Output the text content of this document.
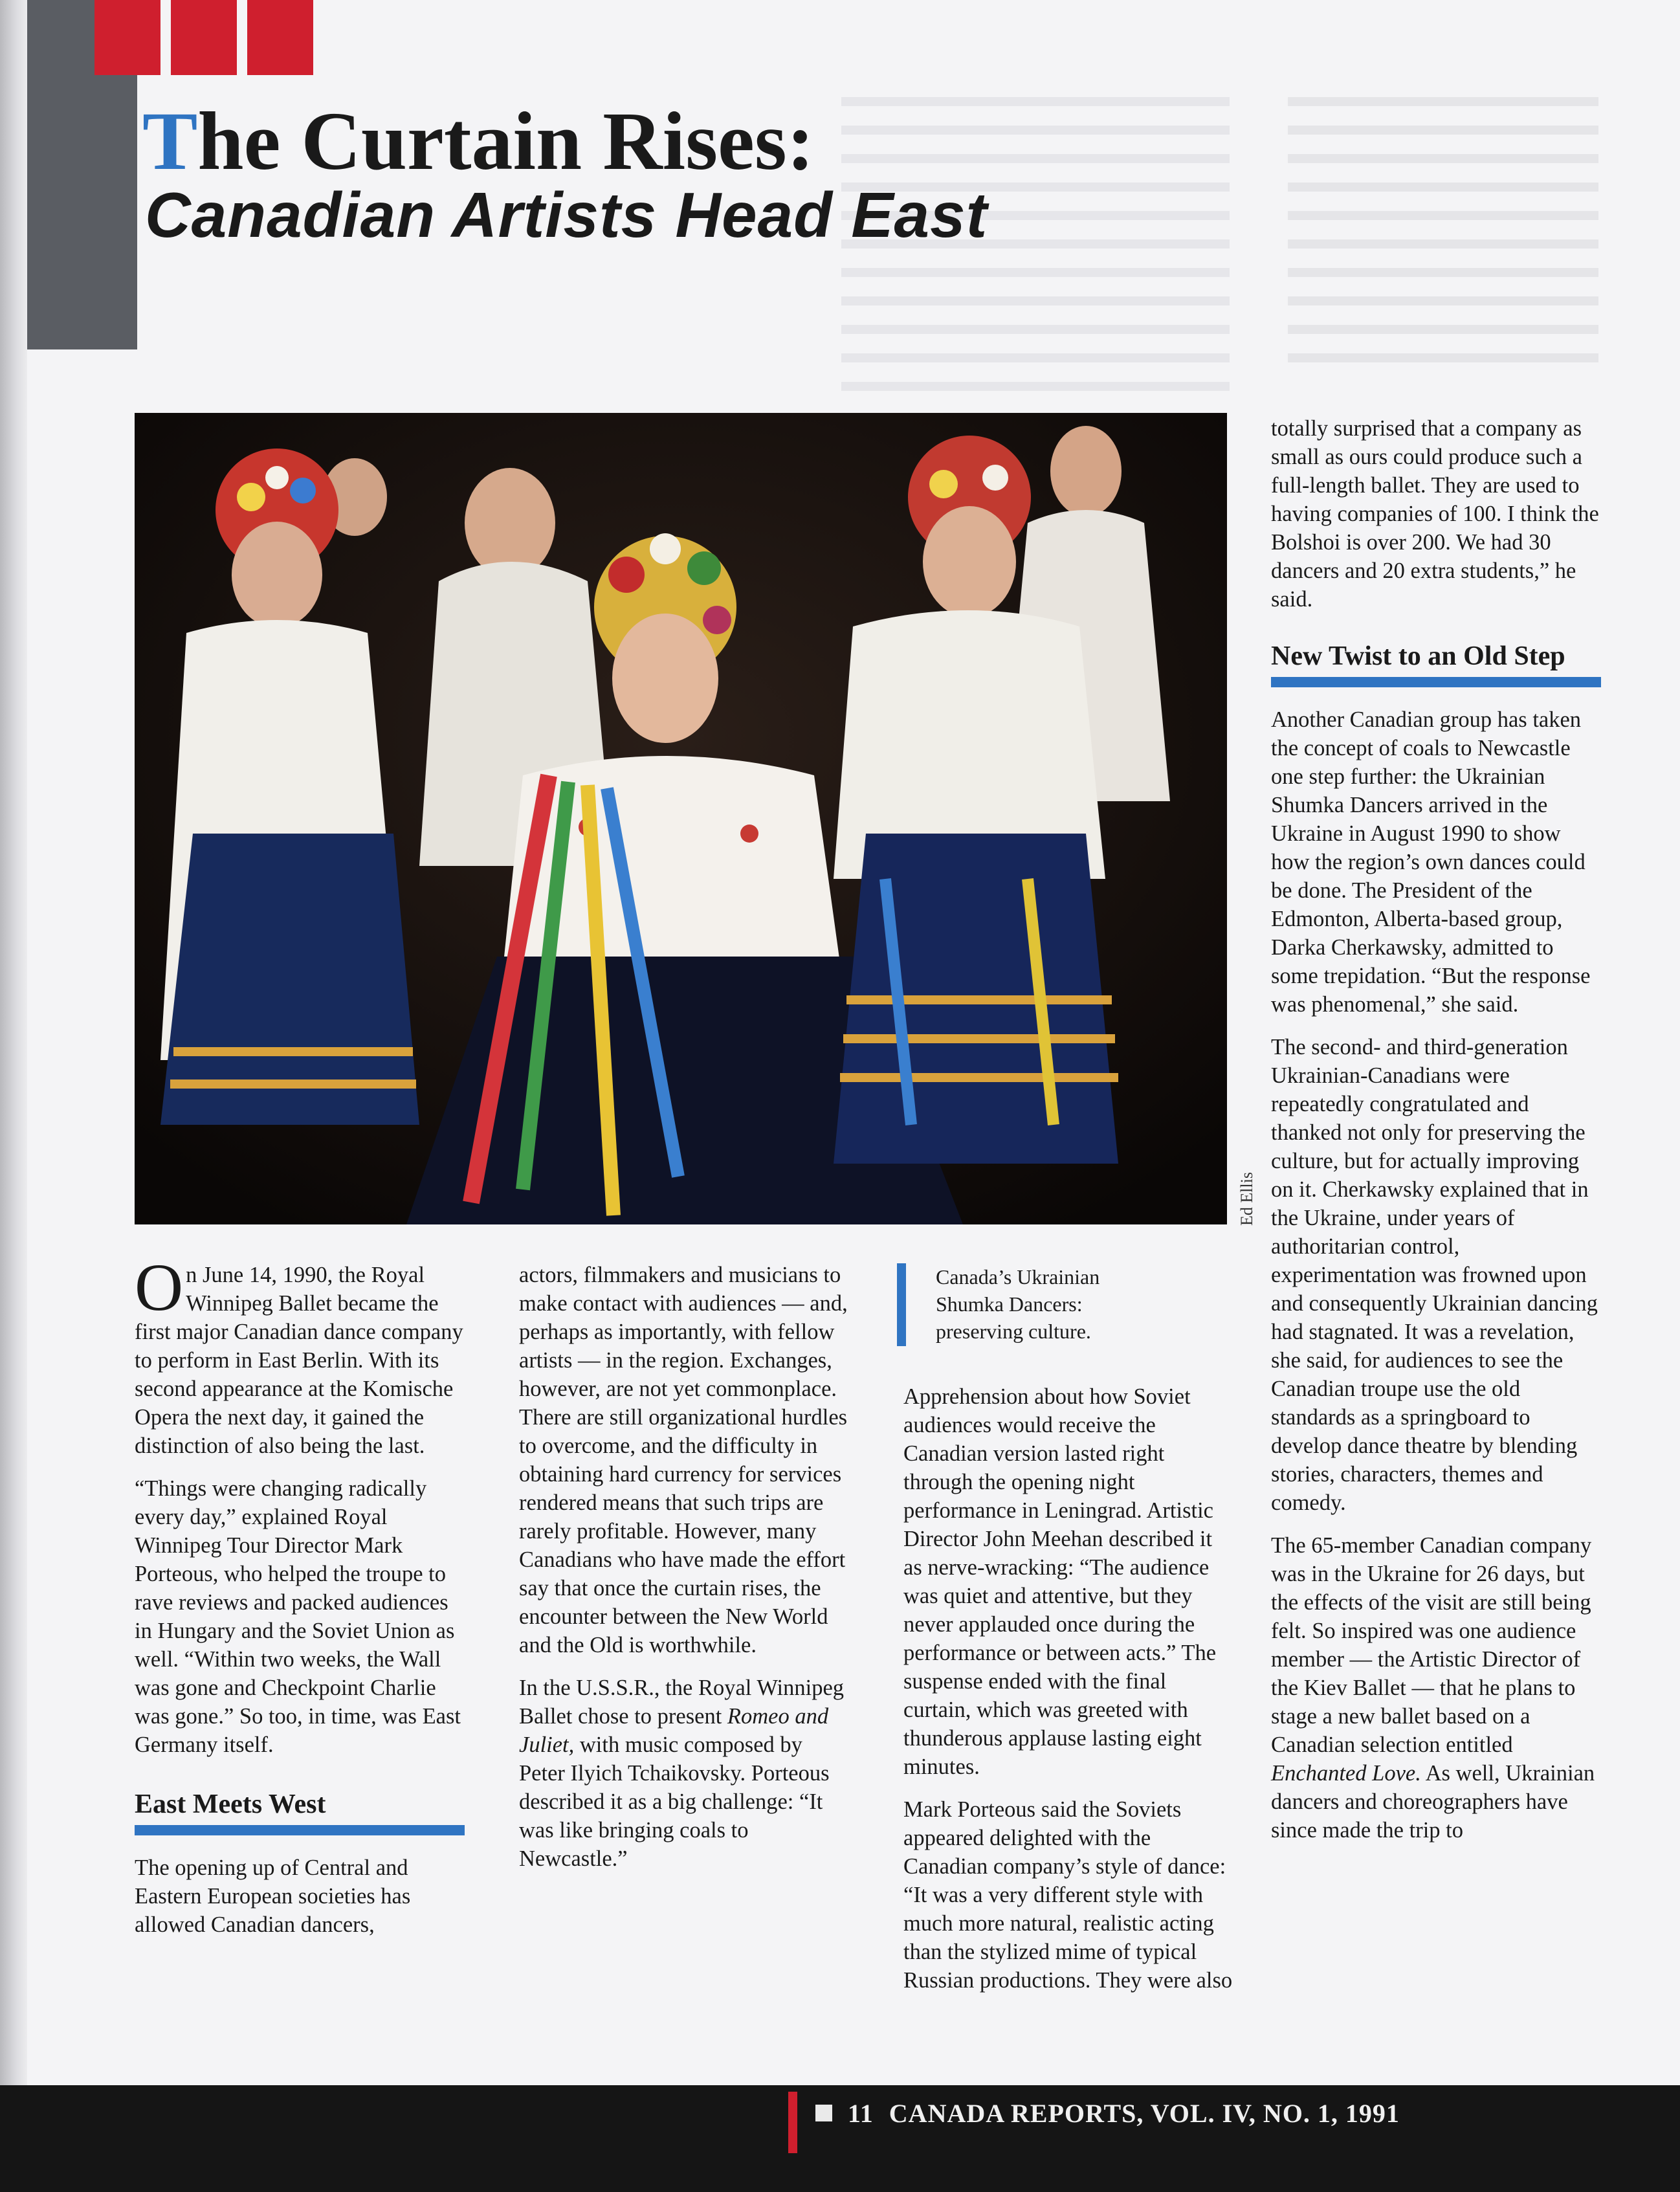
The Curtain Rises:
Canadian Artists Head East
Ed Ellis

On June 14, 1990, the Royal Winnipeg Ballet became the first major Canadian dance company to perform in East Berlin. With its second appearance at the Komische Opera the next day, it gained the distinction of also being the last.

“Things were changing radically every day,” explained Royal Winnipeg Tour Director Mark Porteous, who helped the troupe to rave reviews and packed audiences in Hungary and the Soviet Union as well. “Within two weeks, the Wall was gone and Checkpoint Charlie was gone.” So too, in time, was East Germany itself.

East Meets West

The opening up of Central and Eastern European societies has allowed Canadian dancers,

actors, filmmakers and musicians to make contact with audiences — and, perhaps as importantly, with fellow artists — in the region. Exchanges, however, are not yet commonplace. There are still organizational hurdles to overcome, and the difficulty in obtaining hard currency for services rendered means that such trips are rarely profitable. However, many Canadians who have made the effort say that once the curtain rises, the encounter between the New World and the Old is worthwhile.

In the U.S.S.R., the Royal Winnipeg Ballet chose to present Romeo and Juliet, with music composed by Peter Ilyich Tchaikovsky. Porteous described it as a big challenge: “It was like bringing coals to Newcastle.”

Canada’s Ukrainian
Shumka Dancers:
preserving culture.

Apprehension about how Soviet audiences would receive the Canadian version lasted right through the opening night performance in Leningrad. Artistic Director John Meehan described it as nerve-wracking: “The audience was quiet and attentive, but they never applauded once during the performance or between acts.” The suspense ended with the final curtain, which was greeted with thunderous applause lasting eight minutes.

Mark Porteous said the Soviets appeared delighted with the Canadian company’s style of dance: “It was a very different style with much more natural, realistic acting than the stylized mime of typical Russian productions. They were also

totally surprised that a company as small as ours could produce such a full-length ballet. They are used to having companies of 100. I think the Bolshoi is over 200. We had 30 dancers and 20 extra students,” he said.

New Twist to an Old Step

Another Canadian group has taken the concept of coals to Newcastle one step further: the Ukrainian Shumka Dancers arrived in the Ukraine in August 1990 to show how the region’s own dances could be done. The President of the Edmonton, Alberta-based group, Darka Cherkawsky, admitted to some trepidation. “But the response was phenomenal,” she said.

The second- and third-generation Ukrainian-Canadians were repeatedly congratulated and thanked not only for preserving the culture, but for actually improving on it. Cherkawsky explained that in the Ukraine, under years of authoritarian control, experimentation was frowned upon and consequently Ukrainian dancing had stagnated. It was a revelation, she said, for audiences to see the Canadian troupe use the old standards as a springboard to develop dance theatre by blending stories, characters, themes and comedy.

The 65-member Canadian company was in the Ukraine for 26 days, but the effects of the visit are still being felt. So inspired was one audience member — the Artistic Director of the Kiev Ballet — that he plans to stage a new ballet based on a Canadian selection entitled Enchanted Love. As well, Ukrainian dancers and choreographers have since made the trip to

11 CANADA REPORTS, VOL. IV, NO. 1, 1991
